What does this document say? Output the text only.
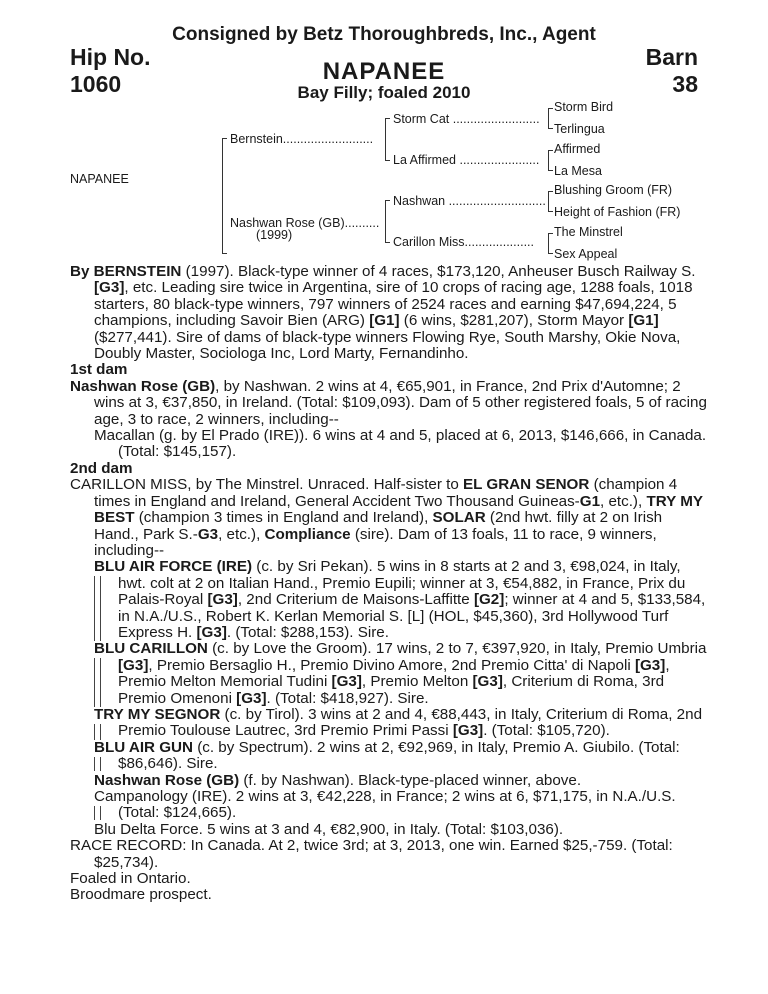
Consigned by Betz Thoroughbreds, Inc., Agent
Hip No.
1060
Barn
38
NAPANEE
Bay Filly; foaled 2010
NAPANEE
Bernstein..........................
Nashwan Rose (GB)..........
(1999)
Storm Cat .........................
La Affirmed .......................
Nashwan ............................
Carillon Miss....................
Storm Bird
Terlingua
Affirmed
La Mesa
Blushing Groom (FR)
Height of Fashion (FR)
The Minstrel
Sex Appeal

By BERNSTEIN (1997). Black-type winner of 4 races, $173,120, Anheuser Busch Railway S. [G3], etc. Leading sire twice in Argentina, sire of 10 crops of racing age, 1288 foals, 1018 starters, 80 black-type winners, 797 winners of 2524 races and earning $47,694,224, 5 champions, including Savoir Bien (ARG) [G1] (6 wins, $281,207), Storm Mayor [G1] ($277,441). Sire of dams of black-type winners Flowing Rye, South Marshy, Okie Nova, Doubly Master, Sociologa Inc, Lord Marty, Fernandinho.

1st dam

Nashwan Rose (GB), by Nashwan. 2 wins at 4, €65,901, in France, 2nd Prix d'Automne; 2 wins at 3, €37,850, in Ireland. (Total: $109,093). Dam of 5 other registered foals, 5 of racing age, 3 to race, 2 winners, including--

Macallan (g. by El Prado (IRE)). 6 wins at 4 and 5, placed at 6, 2013, $146,666, in Canada. (Total: $145,157).

2nd dam

CARILLON MISS, by The Minstrel. Unraced. Half-sister to EL GRAN SENOR (champion 4 times in England and Ireland, General Accident Two Thousand Guineas-G1, etc.), TRY MY BEST (champion 3 times in England and Ireland), SOLAR (2nd hwt. filly at 2 on Irish Hand., Park S.-G3, etc.), Compliance (sire). Dam of 13 foals, 11 to race, 9 winners, including--

BLU AIR FORCE (IRE) (c. by Sri Pekan). 5 wins in 8 starts at 2 and 3, €98,024, in Italy, hwt. colt at 2 on Italian Hand., Premio Eupili; winner at 3, €54,882, in France, Prix du Palais-Royal [G3], 2nd Criterium de Maisons-Laffitte [G2]; winner at 4 and 5, $133,584, in N.A./U.S., Robert K. Kerlan Memorial S. [L] (HOL, $45,360), 3rd Hollywood Turf Express H. [G3]. (Total: $288,153). Sire.

BLU CARILLON (c. by Love the Groom). 17 wins, 2 to 7, €397,920, in Italy, Premio Umbria [G3], Premio Bersaglio H., Premio Divino Amore, 2nd Premio Citta' di Napoli [G3], Premio Melton Memorial Tudini [G3], Premio Melton [G3], Criterium di Roma, 3rd Premio Omenoni [G3]. (Total: $418,927). Sire.

TRY MY SEGNOR (c. by Tirol). 3 wins at 2 and 4, €88,443, in Italy, Criterium di Roma, 2nd Premio Toulouse Lautrec, 3rd Premio Primi Passi [G3]. (Total: $105,720).

BLU AIR GUN (c. by Spectrum). 2 wins at 2, €92,969, in Italy, Premio A. Giubilo. (Total: $86,646). Sire.

Nashwan Rose (GB) (f. by Nashwan). Black-type-placed winner, above.

Campanology (IRE). 2 wins at 3, €42,228, in France; 2 wins at 6, $71,175, in N.A./U.S. (Total: $124,665).

Blu Delta Force. 5 wins at 3 and 4, €82,900, in Italy. (Total: $103,036).

RACE RECORD: In Canada. At 2, twice 3rd; at 3, 2013, one win. Earned $25,-759. (Total: $25,734).

Foaled in Ontario.

Broodmare prospect.
